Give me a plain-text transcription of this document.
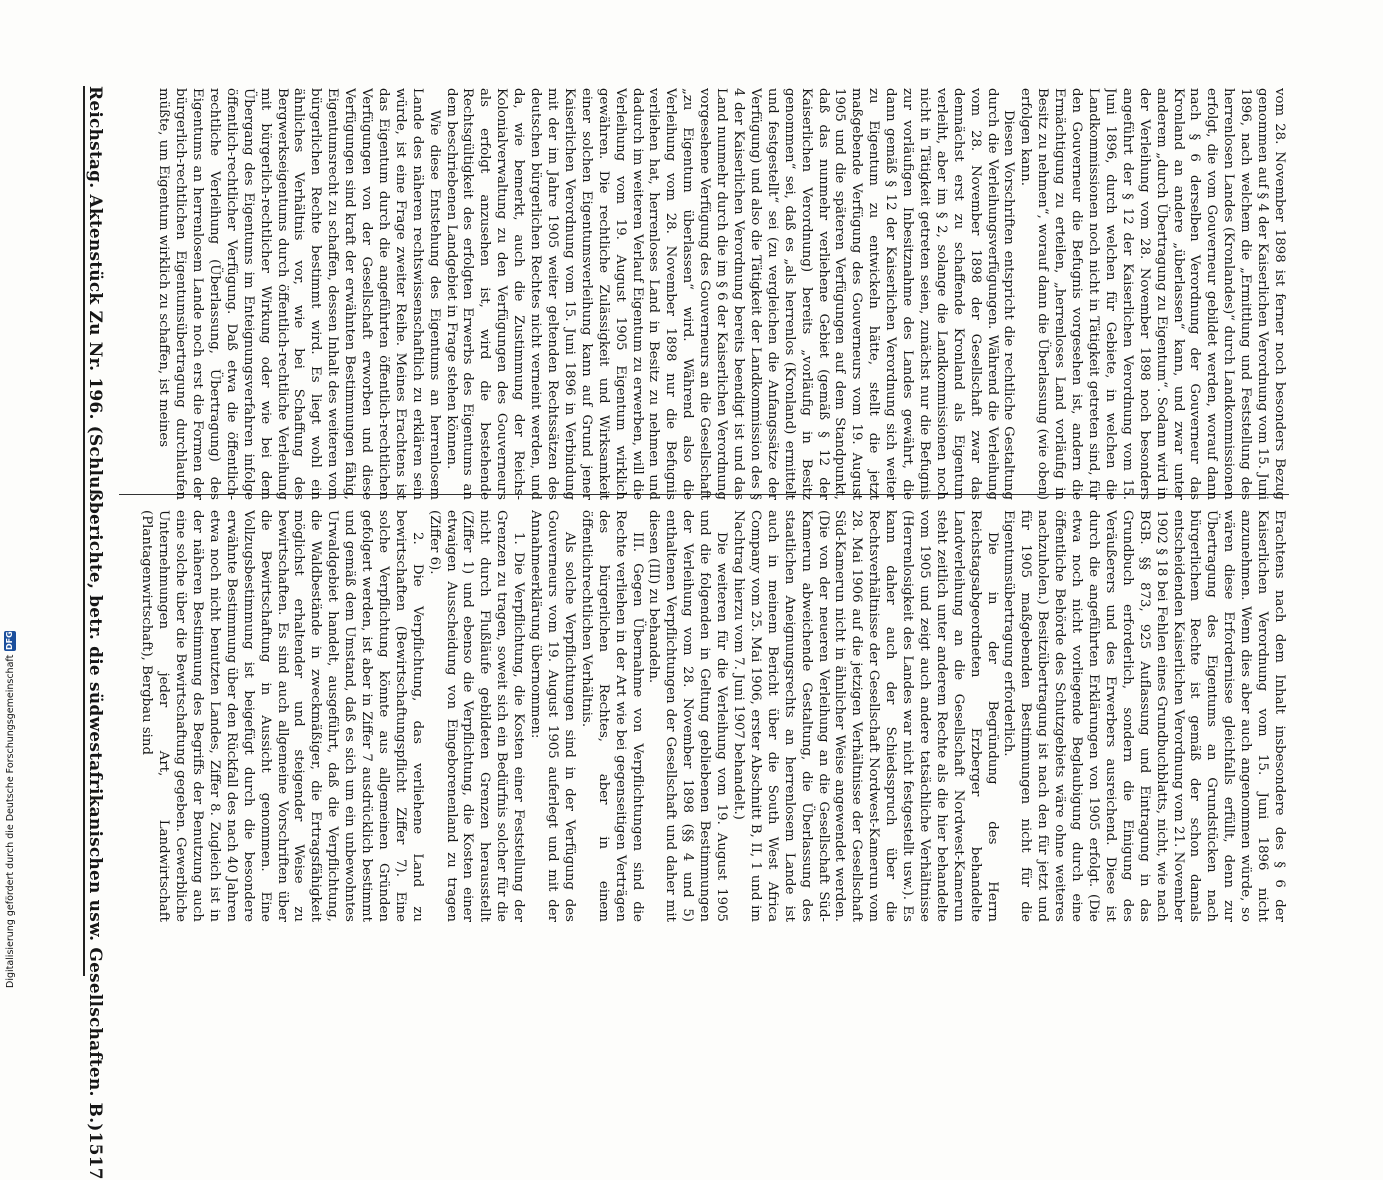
Reichstag. Aktenstück Zu Nr. 196. (Schlußberichte, betr. die südwestafrikanischen usw. Gesellschaften. B.)
1517

vom 28. November 1898 ist ferner noch besonders Bezug genommen auf § 4 der Kaiserlichen Verordnung vom 15. Juni 1896, nach welchem die „Ermittlung und Feststellung des herrenlosen Landes (Kronlandes)“ durch Landkommissionen erfolgt, die vom Gouverneur gebildet werden, worauf dann nach § 6 derselben Verordnung der Gouverneur das Kronland an andere „überlassen“ kann, und zwar unter anderem „durch Übertragung zu Eigentum“. Sodann wird in der Verleihung vom 28. November 1898 noch besonders angeführt der § 12 der Kaiserlichen Verordnung vom 15. Juni 1896, durch welchen für Gebiete, in welchen die Landkommissionen noch nicht in Tätigkeit getreten sind, für den Gouverneur die Befugnis vorgesehen ist, andern die Ermächtigung zu erteilen, „herrenloses Land vorläufig in Besitz zu nehmen“, worauf dann die Überlassung (wie oben) erfolgen kann.

Diesen Vorschriften entspricht die rechtliche Gestaltung durch die Verleihungsverfügungen. Während die Verleihung vom 28. November 1898 der Gesellschaft zwar das demnächst erst zu schaffende Kronland als Eigentum verleiht, aber im § 2, solange die Landkommissionen noch nicht in Tätigkeit getreten seien, zunächst nur die Befugnis zur vorläufigen Inbesitznahme des Landes gewährt, die dann gemäß § 12 der Kaiserlichen Verordnung sich weiter zu Eigentum zu entwickeln hätte, stellt die jetzt maßgebende Verfügung des Gouverneurs vom 19. August 1905 und die späteren Verfügungen auf dem Standpunkt, daß das nunmehr verliehene Gebiet (gemäß § 12 der Kaiserlichen Verordnung) bereits „vorläufig in Besitz genommen“ sei, daß es „als herrenlos (Kronland) ermittelt und festgestellt“ sei (zu vergleichen die Anfangssätze der Verfügung) und also die Tätigkeit der Landkommission des § 4 der Kaiserlichen Verordnung bereits beendigt ist und das Land nunmehr durch die im § 6 der Kaiserlichen Verordnung vorgesehene Verfügung des Gouverneurs an die Gesellschaft „zu Eigentum überlassen“ wird. Während also die Verleihung vom 28. November 1898 nur die Befugnis verliehen hat, herrenloses Land in Besitz zu nehmen und dadurch im weiteren Verlauf Eigentum zu erwerben, will die Verleihung vom 19. August 1905 Eigentum wirklich gewähren. Die rechtliche Zulässigkeit und Wirksamkeit einer solchen Eigentumsverleihung kann auf Grund jener Kaiserlichen Verordnung vom 15. Juni 1896 in Verbindung mit der im Jahre 1905 weiter geltenden Rechtssätzen des deutschen bürgerlichen Rechtes nicht verneint werden, und da, wie bemerkt, auch die Zustimmung der Reichs-Kolonialverwaltung zu den Verfügungen des Gouverneurs als erfolgt anzusehen ist, wird die bestehende Rechtsgültigkeit des erfolgten Erwerbs des Eigentums an dem beschriebenen Landgebiet in Frage stehen können.

Wie diese Entstehung des Eigentums an herrenlosem Lande des näheren rechtswissenschaftlich zu erklären sein würde, ist eine Frage zweiter Reihe. Meines Erachtens ist das Eigentum durch die angeführten öffentlich-rechtlichen Verfügungen von der Gesellschaft erworben und diese Verfügungen sind kraft der erwähnten Bestimmungen fähig, Eigentumsrecht zu schaffen, dessen Inhalt des weiteren vom bürgerlichen Rechte bestimmt wird. Es liegt wohl ein ähnliches Verhältnis vor, wie bei Schaffung des Bergwerkseigentums durch öffentlich-rechtliche Verleihung mit bürgerlich-rechtlicher Wirkung oder wie bei dem Übergang des Eigentums im Enteignungsverfahren infolge öffentlich-rechtlicher Verfügung. Daß etwa die öffentlich-rechtliche Verleihung (Überlassung, Übertragung) des Eigentums an herrenlosem Lande noch erst die Formen der bürgerlich-rechtlichen Eigentumsübertragung durchlaufen müßte, um Eigentum wirklich zu schaffen, ist meines

Erachtens nach dem Inhalt insbesondere des § 6 der Kaiserlichen Verordnung vom 15. Juni 1896 nicht anzunehmen. Wenn dies aber auch angenommen würde, so wären diese Erfordernisse gleichfalls erfüllt, denn zur Übertragung des Eigentums an Grundstücken nach bürgerlichem Rechte ist gemäß der schon damals entscheidenden Kaiserlichen Verordnung vom 21. November 1902 § 18 bei Fehlen eines Grundbuchblatts, nicht, wie nach BGB. §§ 873, 925 Auflassung und Eintragung in das Grundbuch erforderlich, sondern die Einigung des Veräußerers und des Erwerbers ausreichend. Diese ist durch die angeführten Erklärungen von 1905 erfolgt. (Die etwa noch nicht vorliegende Beglaubigung durch eine öffentliche Behörde des Schutzgebiets wäre ohne weiteres nachzuholen.) Besitzübertragung ist nach den für jetzt und für 1905 maßgebenden Bestimmungen nicht für die Eigentumsübertragung erforderlich.

Die in der Begründung des Herrn Reichstagsabgeordneten Erzberger behandelte Landverleihung an die Gesellschaft Nordwest-Kamerun steht zeitlich unter anderem Rechte als die hier behandelte vom 1905 und zeigt auch andere tatsächliche Verhältnisse (Herrenlosigkeit des Landes war nicht festgestellt usw.). Es kann daher auch der Schiedsspruch über die Rechtsverhältnisse der Gesellschaft Nordwest-Kamerun vom 28. Mai 1906 auf die jetzigen Verhältnisse der Gesellschaft Süd-Kamerun nicht in ähnlicher Weise angewendet werden. (Die von der neueren Verleihung an die Gesellschaft Süd-Kamerun abweichende Gestaltung, die Überlassung des staatlichen Aneignungsrechts an herrenlosem Lande ist auch in meinem Bericht über die South West Africa Company vom 25. Mai 1906, erster Abschnitt B, II, 1 und im Nachtrag hierzu vom 7. Juni 1907 behandelt.)

Die weiteren für die Verleihung vom 19. August 1905 und die folgenden in Geltung gebliebenen Bestimmungen der Verleihung vom 28. November 1898 (§§ 4 und 5) enthaltenen Verpflichtungen der Gesellschaft und daher mit diesen (III) zu behandeln.

III. Gegen Übernahme von Verpflichtungen sind die Rechte verliehen in der Art wie bei gegenseitigen Verträgen des bürgerlichen Rechtes, aber in einem öffentlichrechtlichen Verhältnis.

Als solche Verpflichtungen sind in der Verfügung des Gouverneurs vom 19. August 1905 auferlegt und mit der Annahmeerklärung übernommen:

1. Die Verpflichtung, die Kosten einer Feststellung der Grenzen zu tragen, soweit sich ein Bedürfnis solcher für die nicht durch Flußläufe gebildeten Grenzen herausstellt (Ziffer 1) und ebenso die Verpflichtung, die Kosten einer etwaigen Ausscheidung von Eingeborenenland zu tragen (Ziffer 6).

2. Die Verpflichtung, das verliehene Land zu bewirtschaften (Bewirtschaftungspflicht Ziffer 7). Eine solche Verpflichtung könnte aus allgemeinen Gründen gefolgert werden, ist aber in Ziffer 7 ausdrücklich bestimmt und gemäß dem Umstand, daß es sich um ein unbewohntes Urwaldgebiet handelt, ausgeführt, daß die Verpflichtung, die Waldbestände in zweckmäßiger, die Ertragsfähigkeit möglichst erhaltender und steigender Weise zu bewirtschaften. Es sind auch allgemeine Vorschriften über die Bewirtschaftung in Aussicht genommen. Eine Vollzugsbestimmung ist beigefügt durch die besondere erwähnte Bestimmung über den Rückfall des nach 40 Jahren etwa noch nicht benutzten Landes, Ziffer 8. Zugleich ist in der näheren Bestimmung des Begriffs der Benutzung auch eine solche über die Bewirtschaftung gegeben. Gewerbliche Unternehmungen jeder Art, Landwirtschaft (Plantagenwirtschaft), Bergbau sind

Digitalisierung gefördert durch die Deutsche Forschungsgemeinschaft
DFG
